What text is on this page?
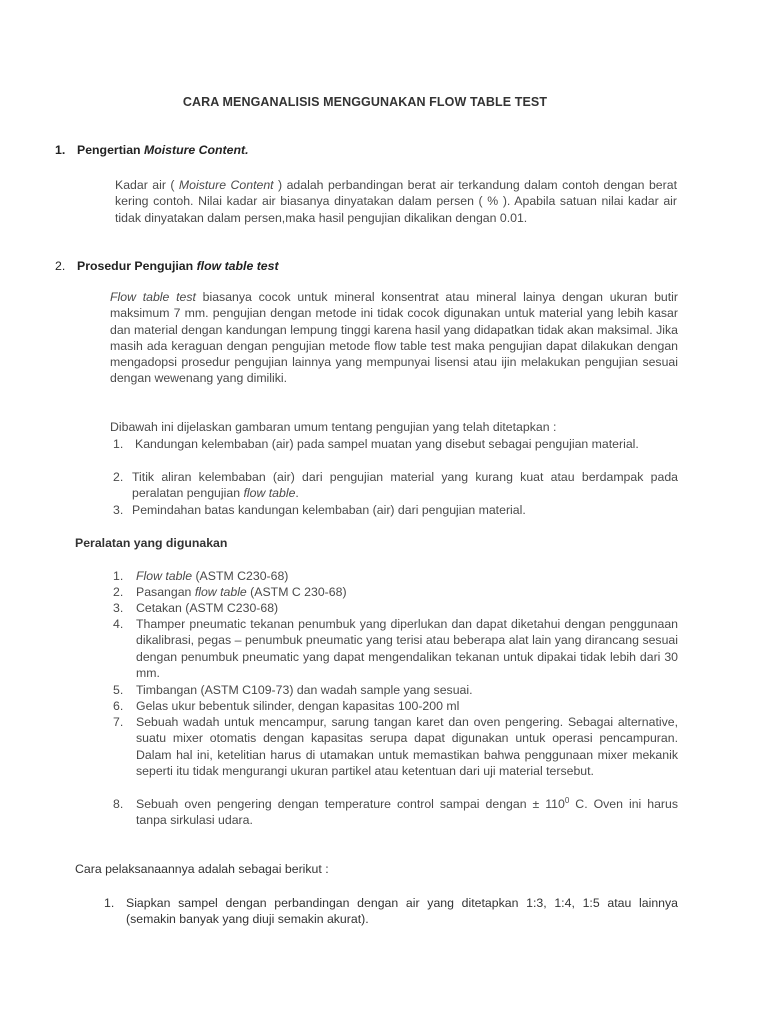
CARA MENGANALISIS MENGGUNAKAN FLOW TABLE TEST
1. Pengertian Moisture Content.
Kadar air ( Moisture Content ) adalah perbandingan berat air terkandung dalam contoh dengan berat kering contoh. Nilai kadar air biasanya dinyatakan dalam persen ( % ). Apabila satuan nilai kadar air tidak dinyatakan dalam persen,maka hasil pengujian dikalikan dengan 0.01.
2. Prosedur Pengujian flow table test
Flow table test biasanya cocok untuk mineral konsentrat atau mineral lainya dengan ukuran butir maksimum 7 mm. pengujian dengan metode ini tidak cocok digunakan untuk material yang lebih kasar dan material dengan kandungan lempung tinggi karena hasil yang didapatkan tidak akan maksimal. Jika masih ada keraguan dengan pengujian metode flow table test maka pengujian dapat dilakukan dengan mengadopsi prosedur pengujian lainnya yang mempunyai lisensi atau ijin melakukan pengujian sesuai dengan wewenang yang dimiliki.
Dibawah ini dijelaskan gambaran umum tentang pengujian yang telah ditetapkan :
1. Kandungan kelembaban (air) pada sampel muatan yang disebut sebagai pengujian material.
2. Titik aliran kelembaban (air) dari pengujian material yang kurang kuat atau berdampak pada peralatan pengujian flow table.
3. Pemindahan batas kandungan kelembaban (air) dari pengujian material.
Peralatan yang digunakan
1. Flow table (ASTM C230-68)
2. Pasangan flow table (ASTM C 230-68)
3. Cetakan (ASTM C230-68)
4. Thamper pneumatic tekanan penumbuk yang diperlukan dan dapat diketahui dengan penggunaan dikalibrasi, pegas – penumbuk pneumatic yang terisi atau beberapa alat lain yang dirancang sesuai dengan penumbuk pneumatic yang dapat mengendalikan tekanan untuk dipakai tidak lebih dari 30 mm.
5. Timbangan (ASTM C109-73) dan wadah sample yang sesuai.
6. Gelas ukur bebentuk silinder, dengan kapasitas 100-200 ml
7. Sebuah wadah untuk mencampur, sarung tangan karet dan oven pengering. Sebagai alternative, suatu mixer otomatis dengan kapasitas serupa dapat digunakan untuk operasi pencampuran. Dalam hal ini, ketelitian harus di utamakan untuk memastikan bahwa penggunaan mixer mekanik seperti itu tidak mengurangi ukuran partikel atau ketentuan dari uji material tersebut.
8. Sebuah oven pengering dengan temperature control sampai dengan ± $110^0$ C. Oven ini harus tanpa sirkulasi udara.
Cara pelaksanaannya adalah sebagai berikut :
1. Siapkan sampel dengan perbandingan dengan air yang ditetapkan 1:3, 1:4, 1:5 atau lainnya (semakin banyak yang diuji semakin akurat).
